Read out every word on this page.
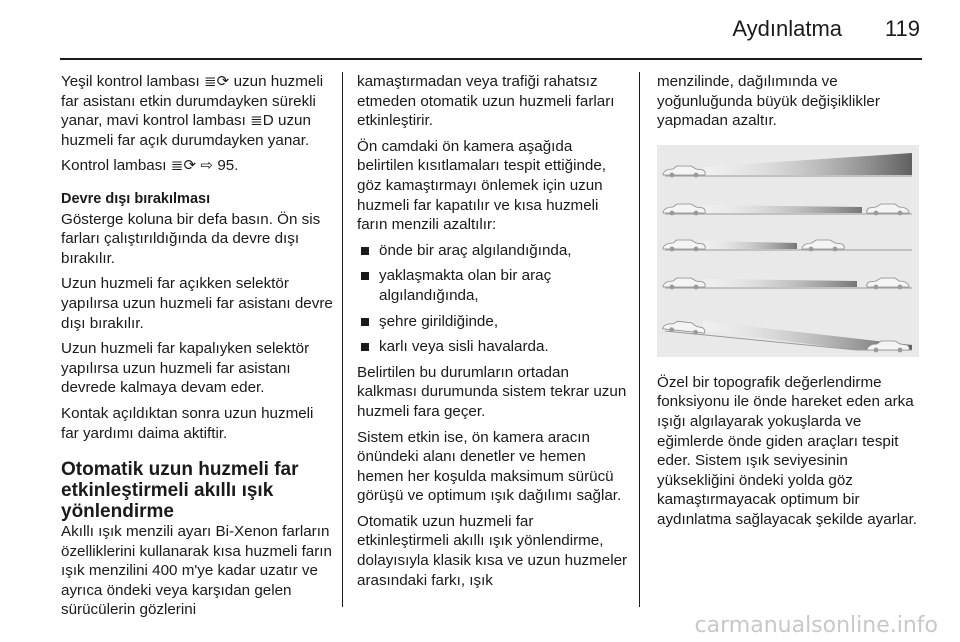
Aydınlatma 119

Yeşil kontrol lambası ≣⟳ uzun huzmeli far asistanı etkin durumdayken sürekli yanar, mavi kontrol lambası ≣D uzun huzmeli far açık durumdayken yanar.

Kontrol lambası ≣⟳ ⇨ 95.

Devre dışı bırakılması

Gösterge koluna bir defa basın. Ön sis farları çalıştırıldığında da devre dışı bırakılır.

Uzun huzmeli far açıkken selektör yapılırsa uzun huzmeli far asistanı devre dışı bırakılır.

Uzun huzmeli far kapalıyken selektör yapılırsa uzun huzmeli far asistanı devrede kalmaya devam eder.

Kontak açıldıktan sonra uzun huzmeli far yardımı daima aktiftir.

Otomatik uzun huzmeli far etkinleştirmeli akıllı ışık yönlendirme

Akıllı ışık menzili ayarı Bi-Xenon farların özelliklerini kullanarak kısa huzmeli farın ışık menzilini 400 m'ye kadar uzatır ve ayrıca öndeki veya karşıdan gelen sürücülerin gözlerini

kamaştırmadan veya trafiği rahatsız etmeden otomatik uzun huzmeli farları etkinleştirir.

Ön camdaki ön kamera aşağıda belirtilen kısıtlamaları tespit ettiğinde, göz kamaştırmayı önlemek için uzun huzmeli far kapatılır ve kısa huzmeli farın menzili azaltılır:

önde bir araç algılandığında,
yaklaşmakta olan bir araç algılandığında,
şehre girildiğinde,
karlı veya sisli havalarda.

Belirtilen bu durumların ortadan kalkması durumunda sistem tekrar uzun huzmeli fara geçer.

Sistem etkin ise, ön kamera aracın önündeki alanı denetler ve hemen hemen her koşulda maksimum sürücü görüşü ve optimum ışık dağılımı sağlar.

Otomatik uzun huzmeli far etkinleştirmeli akıllı ışık yönlendirme, dolayısıyla klasik kısa ve uzun huzmeler arasındaki farkı, ışık

menzilinde, dağılımında ve yoğunluğunda büyük değişiklikler yapmadan azaltır.

Özel bir topografik değerlendirme fonksiyonu ile önde hareket eden arka ışığı algılayarak yokuşlarda ve eğimlerde önde giden araçları tespit eder. Sistem ışık seviyesinin yüksekliğini öndeki yolda göz kamaştırmayacak optimum bir aydınlatma sağlayacak şekilde ayarlar.

carmanualsonline.info
